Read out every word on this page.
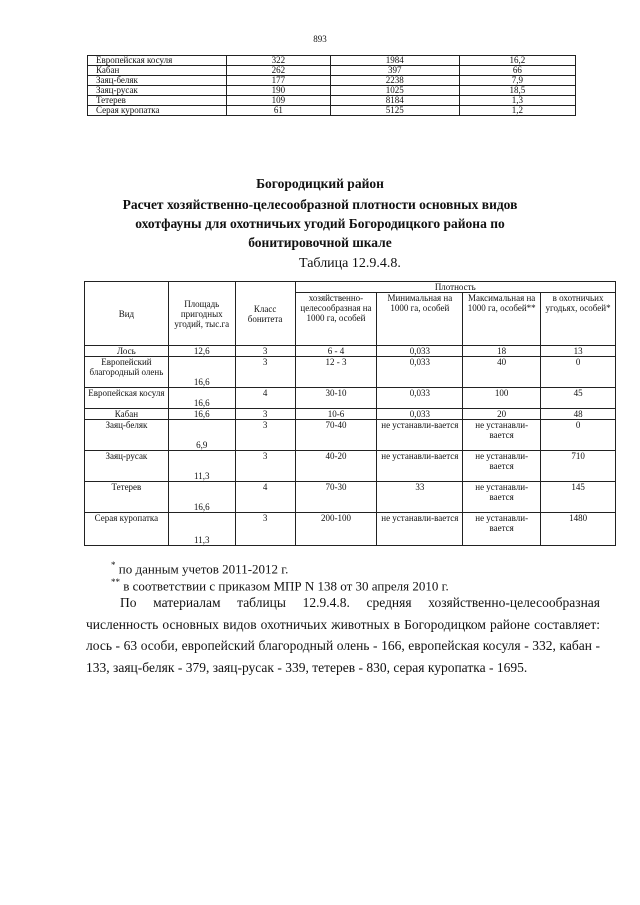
893
Европейская косуля	322	1984	16,2
Кабан	262	397	66
Заяц-беляк	177	2238	7,9
Заяц-русак	190	1025	18,5
Тетерев	109	8184	1,3
Серая куропатка	61	5125	1,2
Богородицкий район
Расчет хозяйственно-целесообразной плотности основных видов
охотфауны для охотничьих угодий Богородицкого района по
бонитировочной шкале
Таблица 12.9.4.8.
Вид	Площадь пригодных угодий, тыс.га	Класс бонитета	Плотность			
			хозяйственно-целесообразная на 1000 га, особей	Минимальная на 1000 га, особей	Максимальная на 1000 га, особей**	в охотничьих угодьях, особей*
Лось	12,6	3	6 - 4	0,033	18	13
Европейский благородный олень	16,6	3	12 - 3	0,033	40	0
Европейская косуля	16,6	4	30-10	0,033	100	45
Кабан	16,6	3	10-6	0,033	20	48
Заяц-беляк	6,9	3	70-40	не устанавли-вается	не устанавли-вается	0
Заяц-русак	11,3	3	40-20	не устанавли-вается	не устанавли-вается	710
Тетерев	16,6	4	70-30	33	не устанавли-вается	145
Серая куропатка	11,3	3	200-100	не устанавли-вается	не устанавли-вается	1480
* по данным учетов 2011-2012 г.
** в соответствии с приказом МПР N 138 от 30 апреля 2010 г.
По материалам таблицы 12.9.4.8. средняя хозяйственно-целесообразная численность основных видов охотничьих животных в Богородицком районе составляет: лось - 63 особи, европейский благородный олень - 166, европейская косуля - 332, кабан - 133, заяц-беляк - 379, заяц-русак - 339, тетерев - 830, серая куропатка - 1695.
